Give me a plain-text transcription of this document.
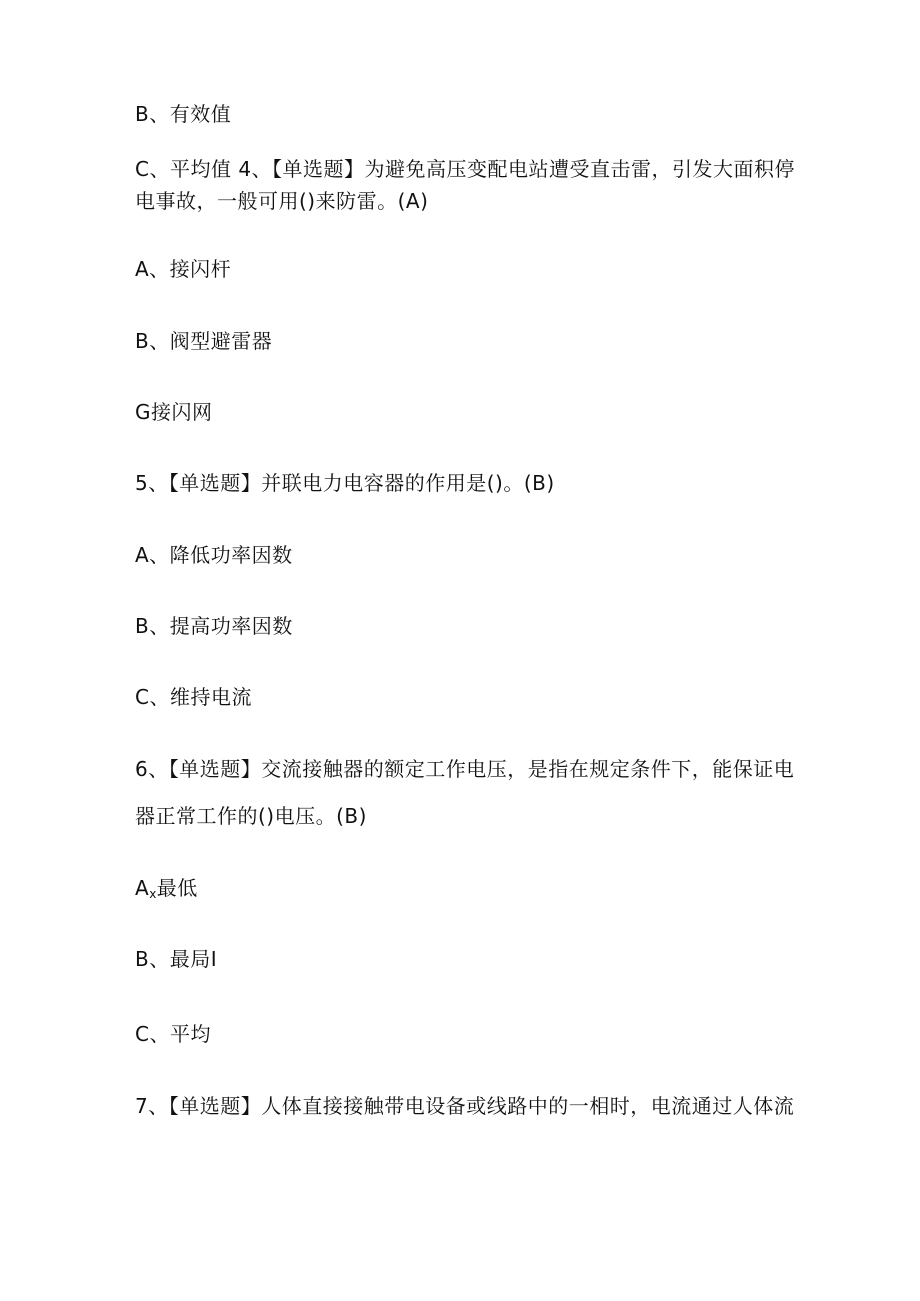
B、有效值
C、平均值 4、【单选题】为避免高压变配电站遭受直击雷，引发大面积停
电事故，一般可用()来防雷。(A)
A、接闪杆
B、阀型避雷器
G接闪网
5、【单选题】并联电力电容器的作用是()。(B)
A、降低功率因数
B、提高功率因数
C、维持电流
6、【单选题】交流接触器的额定工作电压，是指在规定条件下，能保证电
器正常工作的()电压。(B)
$A_x$最低
B、最局I
C、平均
7、【单选题】人体直接接触带电设备或线路中的一相时，电流通过人体流
